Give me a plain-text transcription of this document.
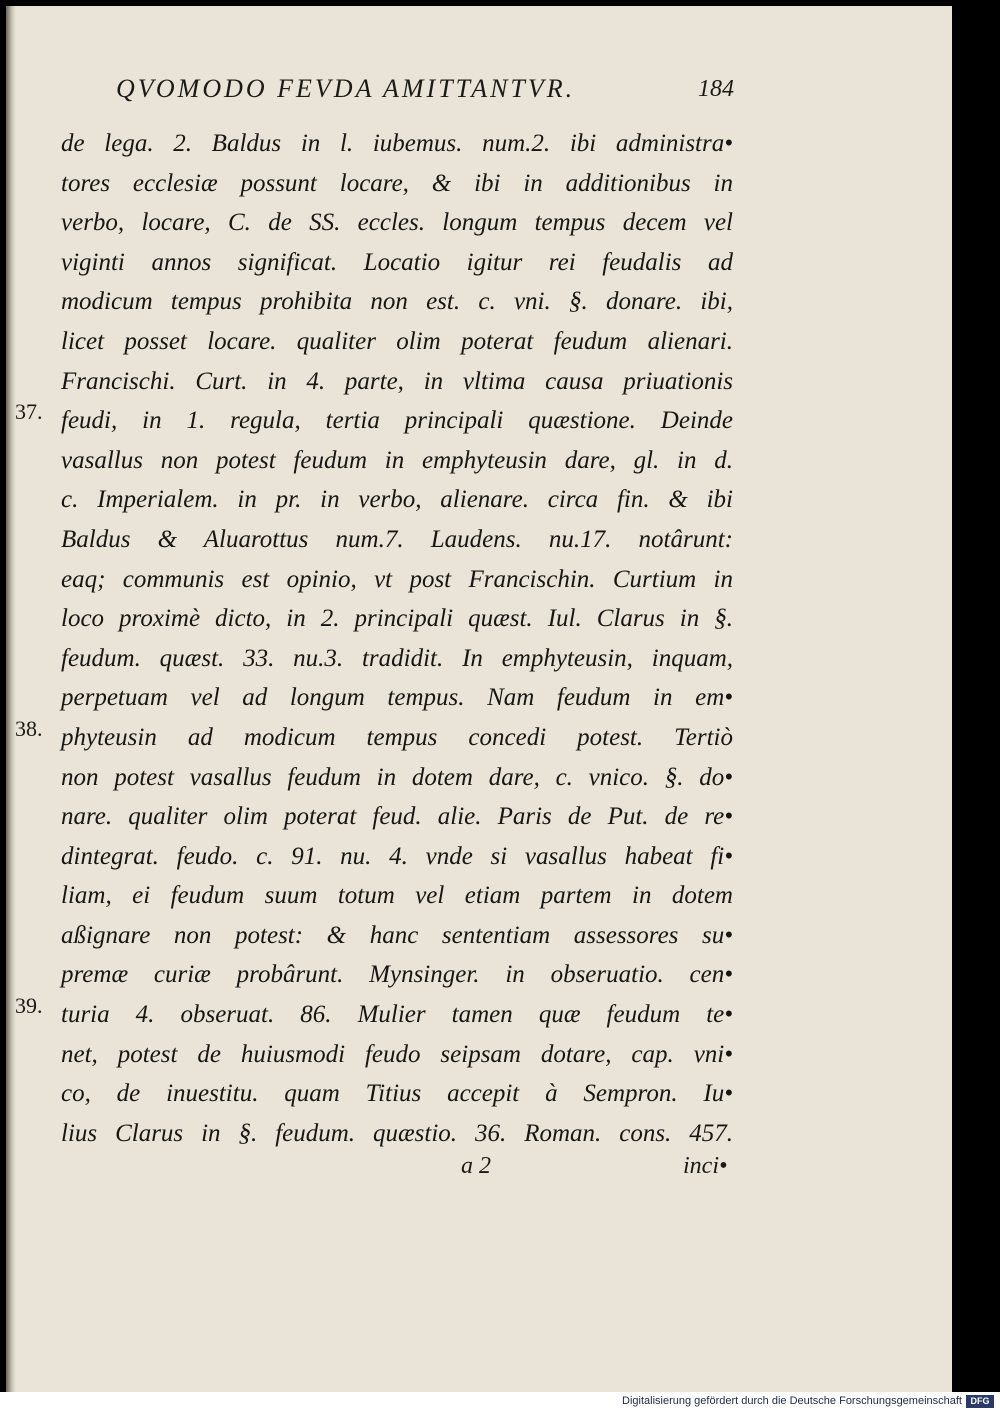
QVOMODO FEVDA AMITTANTVR.	184
37.
38.
39.
de lega. 2. Baldus in l. iubemus. num.2. ibi administra•
tores ecclesiæ possunt locare, & ibi in additionibus in
verbo, locare, C. de SS. eccles. longum tempus decem vel
viginti annos significat. Locatio igitur rei feudalis ad
modicum tempus prohibita non est. c. vni. §. donare. ibi,
licet posset locare. qualiter olim poterat feudum alienari.
Francischi. Curt. in 4. parte, in vltima causa priuationis
feudi, in 1. regula, tertia principali quæstione. Deinde
vasallus non potest feudum in emphyteusin dare, gl. in d.
c. Imperialem. in pr. in verbo, alienare. circa fin. & ibi
Baldus & Aluarottus num.7. Laudens. nu.17. notârunt:
eaq; communis est opinio, vt post Francischin. Curtium in
loco proximè dicto, in 2. principali quæst. Iul. Clarus in §.
feudum. quæst. 33. nu.3. tradidit. In emphyteusin, inquam,
perpetuam vel ad longum tempus. Nam feudum in em•
phyteusin ad modicum tempus concedi potest. Tertiò
non potest vasallus feudum in dotem dare, c. vnico. §. do•
nare. qualiter olim poterat feud. alie. Paris de Put. de re•
dintegrat. feudo. c. 91. nu. 4. vnde si vasallus habeat fi•
liam, ei feudum suum totum vel etiam partem in dotem
aßignare non potest: & hanc sententiam assessores su•
premæ curiæ probârunt. Mynsinger. in obseruatio. cen•
turia 4. obseruat. 86. Mulier tamen quæ feudum te•
net, potest de huiusmodi feudo seipsam dotare, cap. vni•
co, de inuestitu. quam Titius accepit à Sempron. Iu•
lius Clarus in §. feudum. quæstio. 36. Roman. cons. 457.
a 2	inci•
Digitalisierung gefördert durch die Deutsche Forschungsgemeinschaft DFG
